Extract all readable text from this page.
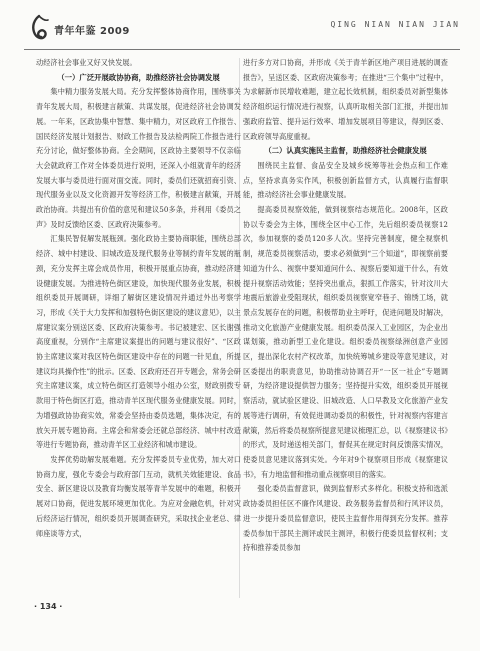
青年年鉴 2009
QING NIAN NIAN JIAN

动经济社会事业又好又快发展。

（一）广泛开展政协协商，助推经济社会协调发展

集中精力服务发展大局。充分发挥整体协商作用，围绕事关青年发展大局，积极建言献策、共谋发展，促进经济社会协调发展。一年来，区政协集中智慧、集中精力，对区政府工作报告、国民经济发展计划报告、财政工作报告及法检两院工作报告进行充分讨论，做好整体协商。全会期间，区政协主要领导不仅亲临大会就政府工作对全体委员进行说明，还深入小组就青年的经济发展大事与委员进行面对面交流。同时，委员们还就招商引资、现代服务业以及文化资源开发等经济工作，积极建言献策，开展政治协商。共提出有价值的意见和建议50多条，并利用《委员之声》及时反馈给区委、区政府决策参考。

汇集民智促解发展瓶颈。强化政协主要协商职能，围绕总部经济、城中村建设、旧城改造及现代服务业等制约青年发展的瓶颈，充分发挥主席会成员作用，积极开展重点协商，推动经济建设健康发展。为推进特色街区建设，加快现代服务业发展，积极组织委员开展调研，详细了解街区建设情况并通过外出考察学习，形成《关于大力发挥和加强特色街区建设的建议意见》，以主席建议案分别送区委、区政府决策参考。书记被建宏、区长谢强高度重视，分别作“主席建议案提出的问题与建议很好”、“区政协主席建议案对我区特色街区建设中存在的问题一针见血，所提建议均具操作性”的批示。区委、区政府还召开专题会，常务会研究主席建议案，成立特色街区打造领导小组办公室，财政别拨专款用于特色街区打造，推动青羊区现代服务业健康发展。同时，为增强政协协商实效，常委会坚持由委员选题，集体决定，有的放矢开展专题协商。主席会和常委会还就总部经济、城中村改造等进行专题协商，推动青羊区工业经济和城市建设。

发挥优势助解发展难题。充分发挥委员专业优势，加大对口协商力度，强化专委会与政府部门互动，就机关效能建设、食品安全、新区建设以及教育均衡发展等青羊发展中的难题，积极开展对口协商，促进发展环境更加优化。为应对金融危机，针对灾后经济运行情况，组织委员开展调查研究，采取找企业老总、律师座谈等方式，

进行多方对口协商，并形成《关于青羊新区地产项目进展的调查报告》，呈送区委、区政府决策参考；在推进“三个集中”过程中，为求解新市民增收难题，建立起长效机制，组织委员对新型集体经济组织运行情况进行视察，认真听取相关部门汇报，并提出加强政府监管、提升运行效率、增加发展项目等建议，得到区委、区政府领导高度重视。

（二）认真实施民主监督，助推经济社会健康发展

围绕民主监督、食品安全及城乡统筹等社会热点和工作难点，坚持求真务实作风，积极创新监督方式，认真履行监督职能，推动经济社会事业健康发展。

提高委员视察效能，做到视察结态规范化。2008年，区政协以专委会为主体，围绕全区中心工作，先后组织委员视察12次，参加视察的委员120多人次。坚持完善制度，健全视察机制，规范委员视察活动，要求必须做到“三个知道”，即视察前要知道为什么、视察中要知道问什么、视察后要知道干什么，有效提升视察活动效能；坚持突出重点，狠抓工作落实，针对汶川大地震后旅游业受阻现状，组织委员视察宽窄巷子、锦绣工场，就景点发展存在的问题，积极帮助业主呼吁，促进问题及时解决，推动文化旅游产业健康发展。组织委员深入工业园区，为企业出谋划策，推动新型工业化建设。组织委员视察绿洲创意产业园区，提出深化农村产权改革，加快统筹城乡建设等意见建议，对区委提出的职责意见，协助推动协调召开“一区一社企”专题调研，为经济建设提供智力服务；坚持提升实效，组织委员开展视察活动，就试验区建设、旧城改造、人口早教及文化旅游产业发展等进行调研，有效促进调动委员的积极性，针对视察内容建言献策，然后将委员视察所提意见建议梳理汇总，以《视察建议书》的形式，及时递送相关部门，督促其在规定时间反馈落实情况，使委员意见建议落到实处。今年对9个视察项目形成《视察建议书》，有力地监督和推动重点视察项目的落实。

强化委员监督意识，做到监督形式多样化。积极支持和选派政协委员担任区不廉作风建设、政务服务监督员和行风评议员，进一步提升委员监督意识，使民主监督作用得到充分发挥。推荐委员参加干部民主测评或民主测评，积极行使委员监督权利；支持和推荐委员参加

· 134 ·
